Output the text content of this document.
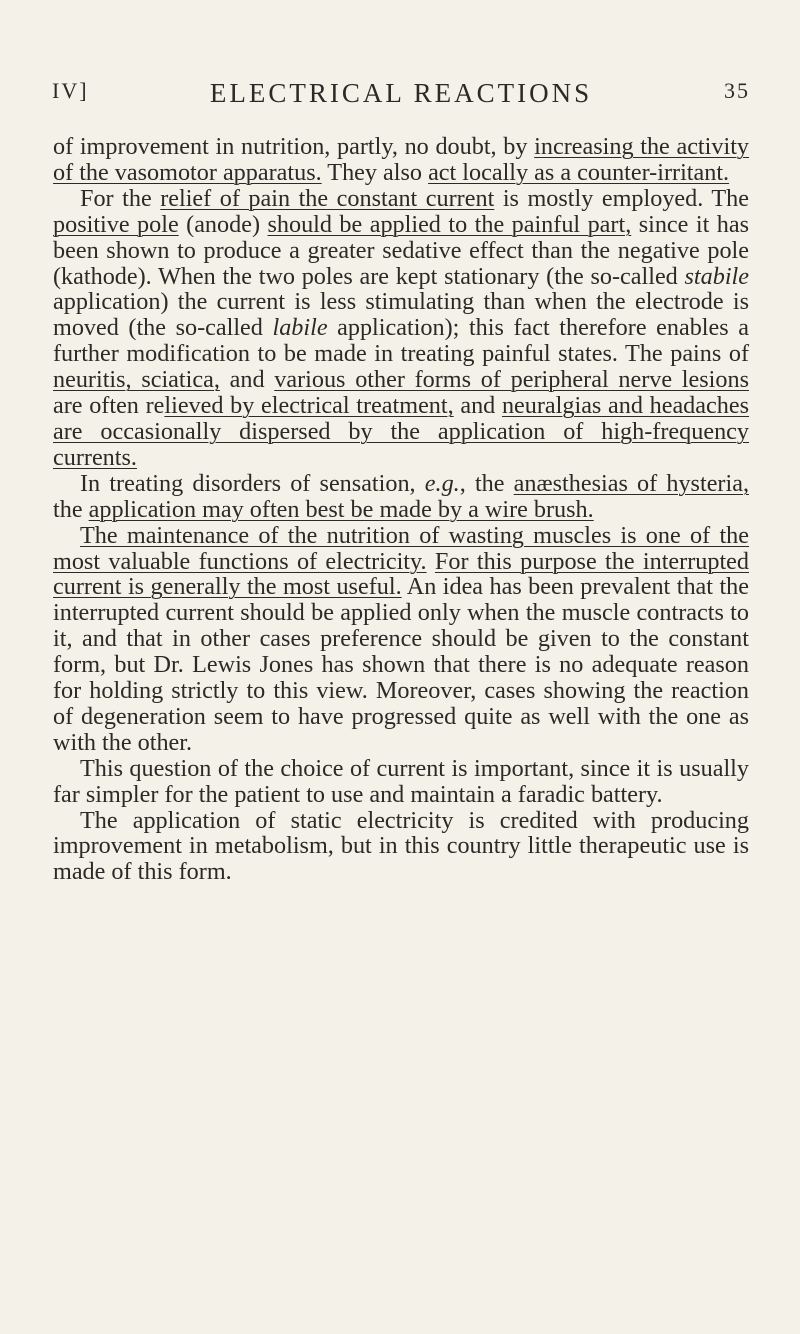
IV]	ELECTRICAL REACTIONS	35

of improvement in nutrition, partly, no doubt, by increasing the activity of the vasomotor apparatus. They also act locally as a counter-irritant.

For the relief of pain the constant current is mostly employed. The positive pole (anode) should be applied to the painful part, since it has been shown to produce a greater sedative effect than the negative pole (kathode). When the two poles are kept stationary (the so-called stabile application) the current is less stimulating than when the electrode is moved (the so-called labile application); this fact therefore enables a further modification to be made in treating painful states. The pains of neuritis, sciatica, and various other forms of peripheral nerve lesions are often relieved by electrical treatment, and neuralgias and headaches are occasionally dispersed by the application of high-frequency currents.

In treating disorders of sensation, e.g., the anæsthesias of hysteria, the application may often best be made by a wire brush.

The maintenance of the nutrition of wasting muscles is one of the most valuable functions of electricity. For this purpose the interrupted current is generally the most useful. An idea has been prevalent that the interrupted current should be applied only when the muscle contracts to it, and that in other cases preference should be given to the constant form, but Dr. Lewis Jones has shown that there is no adequate reason for holding strictly to this view. Moreover, cases showing the reaction of degeneration seem to have progressed quite as well with the one as with the other.

This question of the choice of current is important, since it is usually far simpler for the patient to use and maintain a faradic battery.

The application of static electricity is credited with producing improvement in metabolism, but in this country little therapeutic use is made of this form.
